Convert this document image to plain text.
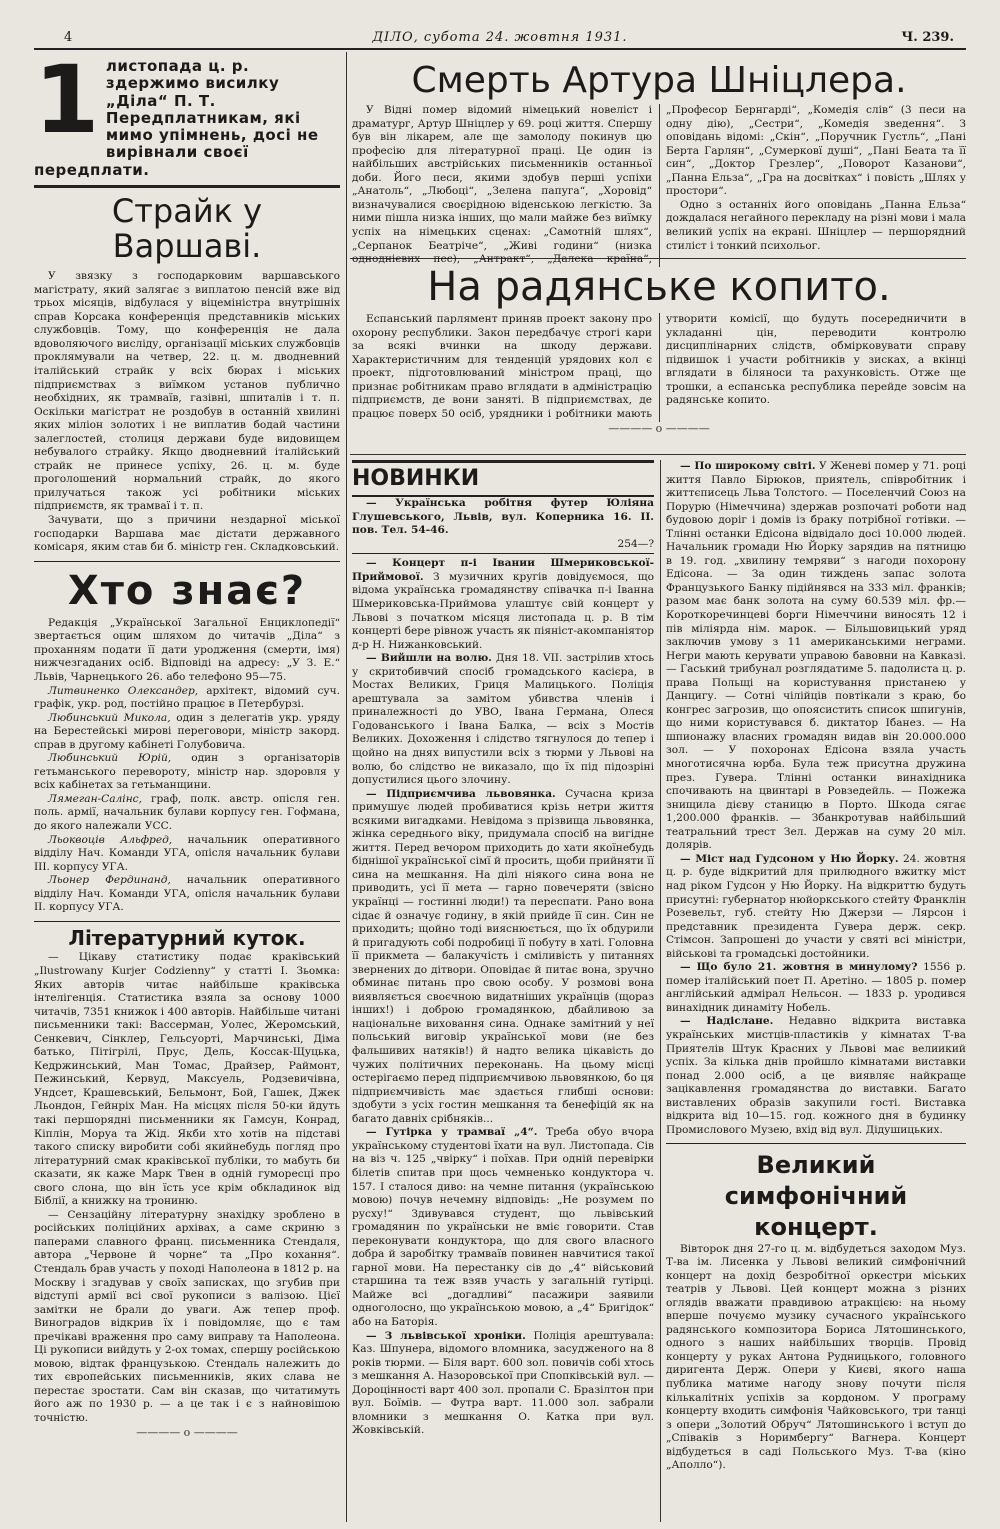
4	ДІЛО, субота 24. жовтня 1931.	Ч. 239.
1 листопада ц. р. здержимо висилку „Діла“ П. Т. Передплатникам, які мимо упімнень, досі не вирівнали своєї передплати.
Страйк у Варшаві.

У звязку з господарковим варшавського магістрату, який залягає з виплатою пенсій вже від трьох місяців, відбулася у віцеміністра внутрішніх справ Корсака конференція представників міських службовців. Тому, що конференція не дала вдоволяючого висліду, організації міських службовців проклямували на четвер, 22. ц. м. дводневний італійський страйк у всіх бюрах і міських підприємствах з виїмком установ публично необхідних, як трамваїв, газівні, шпиталів і т. п. Оскільки магістрат не роздобув в останній хвилині яких міліон золотих і не виплатив бодай частини залеглостей, столиця держави буде видовищем небувалого страйку. Якщо дводневний італійський страйк не принесе успіху, 26. ц. м. буде проголошений нормальний страйк, до якого прилучаться також усі робітники міських підприємств, як трамваї і т. п.

Зачувати, що з причини нездарної міської господарки Варшава має дістати державного комісаря, яким став би б. міністр ген. Складковський.

Хто знає?

Редакція „Української Загальної Енциклопедії“ звертається оцим шляхом до читачів „Діла“ з проханням подати її дати уродження (смерти, імя) нижчезгаданих осіб. Відповіді на адресу: „У З. Е.“ Львів, Чарнецького 26. або телефоно 95—75.

Литвиненко Олександер, архітект, відомий суч. графік, укр. род, постійно працює в Петербурзі.

Любинський Микола, один з делегатів укр. уряду на Берестейські мирові переговори, міністр закорд. справ в другому кабінеті Голубовича.

Любинський Юрій, один з організаторів гетьманського перевороту, міністр нар. здоровля у всіх кабінетах за гетьманщини.

Лямеган-Салінс, граф, полк. австр. опісля ген. поль. армії, начальник булави корпусу ген. Гофмана, до якого належали УСС.

Льоквоців Альфред, начальник оперативного відділу Нач. Команди УГА, опісля начальник булави III. корпусу УГА.

Льонер Фердинанд, начальник оперативного відділу Нач. Команди УГА, опісля начальник булави II. корпусу УГА.

Літературний куток.

— Цікаву статистику подає краківський „Ilustrowany Kurjer Codzienny“ у статті І. Зьомка: Яких авторів читає найбільше краківська інтелігенція. Статистика взяла за основу 1000 читачів, 7351 книжок і 400 авторів. Найбільше читані письменники такі: Вассерман, Уолес, Жеромський, Сенкевич, Сінклер, Гельсуорті, Марчинські, Діма батько, Пітігрілі, Прус, Дель, Коссак-Щуцька, Кедржинський, Ман Томас, Драйзер, Раймонт, Пежинський, Кервуд, Максуель, Родзевичівна, Ундсет, Крашевський, Бельмонт, Бой, Гашек, Джек Льондон, Гейнріх Ман. На місцях після 50-ки йдуть такі першорядні письменники як Гамсун, Конрад, Кіплін, Моруа та Жід. Якби хто хотів на підставі такого списку виробити собі якийнебудь погляд про літературний смак краківської публіки, то мабуть би сказати, як каже Марк Твен в одній гуморесці про свого слона, що він їсть усе крім обкладинок від Біблії, а книжку на трониню.

— Сензаційну літературну знахідку зроблено в російських поліційних архівах, а саме скриню з паперами славного франц. письменника Стендаля, автора „Червоне й чорне“ та „Про кохання“. Стендаль брав участь у поході Наполеона в 1812 р. на Москву і згадував у своїх записках, що згубив при відступі армії всі свої рукописи з валізою. Цієї замітки не брали до уваги. Аж тепер проф. Виноградов відкрив їх і повідомляє, що є там пречікаві враження про саму виправу та Наполеона. Ці рукописи вийдуть у 2-ох томах, спершу російською мовою, відтак французькою. Стендаль належить до тих європейських письменників, яких слава не перестає зростати. Сам він сказав, що читатимуть його аж по 1930 р. — а це так і є з найновішою точністю.

———— o ————
Смерть Артура Шніцлера.

У Відні помер відомий німецький новеліст і драматург, Артур Шніцлер у 69. році життя. Спершу був він лікарем, але ще замолоду покинув цю професію для літературної праці. Це один із найбільших австрійських письменників останньої доби. Його песи, якими здобув перші успіхи „Анатоль“, „Любоці“, „Зелена папуга“, „Хоровід“ визначувалися своєрідною віденською легкістю. За ними пішла низка інших, що мали майже без виїмку успіх на німецьких сценах: „Самотній шлях“, „Серпанок Беатріче“, „Живі години“ (низка одноднієвих пес), „Антракт“, „Далека країна“, „Професор Бернгарді“, „Комедія слів“ (3 песи на одну дію), „Сестри“, „Комедія зведення“. З оповідань відомі: „Скін“, „Поручник Густль“, „Пані Берта Гарлян“, „Сумерковї душі“, „Пані Беата та її син“, „Доктор Грезлер“, „Поворот Казанови“, „Панна Ельза“, „Гра на досвітках“ і повість „Шлях у простори“.

Одно з останніх його оповідань „Панна Ельза“ дождалася негайного перекладу на різні мови і мала великий успіх на екрані. Шніцлер — першорядний стиліст і тонкий психольог.

На радянське копито.

Еспанський парлямент приняв проект закону про охорону республики. Закон передбачує строгі кари за всякі вчинки на шкоду держави. Характеристичним для тенденцій урядових кол є проект, підготовлюваний міністром праці, що признає робітникам право вглядати в адміністрацію підприємств, де вони заняті. В підприємствах, де працює поверх 50 осіб, урядники і робітники мають утворити комісії, що будуть посередничити в укладанні цін, переводити контролю дисциплінарних слідств, обмірковувати справу підвишок і участи робітників у зисках, а вкінці вглядати в біляноси та рахунковість. Отже ще трошки, а еспанська республика перейде зовсім на радянське копито.

———— o ————
НОВИНКИ

— Українська робітня футер Юліяна Глушевського, Львів, вул. Коперника 16. II. пов. Тел. 54-46.

254—?

— Концерт п-і Івании Шмериковської-Приймової. З музичних кругів довідуємося, що відома українська громадянству співачка п-і Іванна Шмериковська-Приймова улаштує свій концерт у Львові з початком місяця листопада ц. р. В тім концерті бере рівнож участь як піяніст-акомпаніятор д-р Н. Нижанковський.

— Вийшли на волю. Дня 18. VII. застрілив хтось у скритобивчий спосіб громадського касієра, в Мостах Великих, Гриця Малицького. Поліція арештувала за замітом убивства членів і приналежності до УВО, Івана Германа, Олеся Годованського і Івана Балка, — всіх з Мостів Великих. Дохоження і слідство тягнулося до тепер і щойно на днях випустили всіх з тюрми у Львові на волю, бо слідство не виказало, що їх під підозріні допустилися цього злочину.

— Підприємчива львовянка. Сучасна криза примушує людей пробиватися крізь нетри життя всякими вигадками. Невідома з прізвища львовянка, жінка середнього віку, придумала спосіб на вигідне життя. Перед вечором приходить до хати якоїнебудь біднішої української сімї й просить, щоби прийняти її сина на мешкання. На ділі ніякого сина вона не приводить, усі її мета — гарно повечеряти (звісно українці — гостинні люди!) та переспати. Рано вона сідає й означує годину, в якій прийде її син. Син не приходить; щойно тоді вияснюється, що їх обдурили й пригадують собі подробиці її побуту в хаті. Головна її прикмета — балакучість і сміливість у питаннях звернених до дітвори. Оповідає й питає вона, зручно обминає питань про свою особу. У розмові вона виявляється своєчною видатніших українців (щораз інших!) і доброю громадянкою, дбайливою за національне виховання сина. Однаке замітний у неї польський виговір української мови (не без фальшивих натяків!) й надто велика цікавість до чужих політичних переконань. На цьому місці остерігаємо перед підприємчивою львовянкою, бо ця підприємчивість має здається глибші основи: здобути з усіх гостин мешкання та бенефіцій як на багато давніх срібняків...

— Гутірка у трамваї „4“. Треба обуо вчора українському студентові їхати на вул. Листопада. Сів на віз ч. 125 „чвірку“ і поїхав. При одній перевірки білетів спитав при щось чемненько кондуктора ч. 157. І сталося диво: на чемне питання (українською мовою) почув нечемну відповідь: „Не розумем по русху!“ Здивувався студент, що львівський громадянин по українськи не вміє говорити. Став переконувати кондуктора, що для свого власного добра й заробітку трамваїв повинен навчитися такої гарної мови. На перестанку сів до „4“ військовий старшина та теж взяв участь у загальній гутірці. Майже всі „догадливі“ пасажири заявили одноголосно, що українською мовою, а „4“ Бригідок“ або на Баторія.

— З львівської хроніки. Поліція арештувала: Каз. Шпунера, відомого вломника, засудженого на 8 років тюрми. — Біля варт. 600 зол. повичів собі хтось з мешкання А. Назоровської при Спопківській вул. — Дороцінності варт 400 зол. пропали С. Бразілтон при вул. Боїмів. — Футра варт. 11.000 зол. забрали вломники з мешкання О. Катка при вул. Жовківській.

— По широкому світі. У Женеві помер у 71. році життя Павло Бірюков, приятель, співробітник і життєписець Льва Толстого. — Поселенчий Союз на Порурю (Німеччина) здержав розпочаті роботи над будовою доріг і домів із браку потрібної готівки. — Тлінні останки Едісона відвідало досі 10.000 людей. Начальник громади Ню Йорку зарядив на пятницю в 19. год. „хвилину темряви“ з нагоди похорону Едісона. — За один тиждень запас золота Французького Банку підійнявся на 333 міл. франків; разом має банк золота на суму 60.539 міл. фр.— Короткоречинцеві борги Німеччини виносять 12 і пів міліярда нім. марок. — Більшовицький уряд заключив умову з 11 американськими неграми. Негри мають керувати управою бавовни на Кавказі. — Гаський трибунал розглядатиме 5. падолиста ц. р. права Польщі на користування пристанею у Данцигу. — Сотні чілійців повтікали з краю, бо конгрес загрозив, що опоясистить список шпигунів, що ними користувався б. диктатор Ібанез. — На шпионажу власних громадян видав він 20.000.000 зол. — У похоронах Едісона взяла участь многотисячна юрба. Була теж присутна дружина през. Гувера. Тлінні останки винахідника спочивають на цвинтарі в Ровзедейль. — Пожежа знищила дієву станицю в Порто. Шкода сягає 1,200.000 франків. — Збанкротував найбільший театральний трест Зел. Держав на суму 20 міл. долярів.

— Міст над Гудсоном у Ню Йорку. 24. жовтня ц. р. буде відкритий для прилюдного вжитку міст над ріком Гудсон у Ню Йорку. На відкриттю будуть присутні: губернатор нюйоркського стейту Франклін Розевельт, губ. стейту Ню Джерзи — Лярсон і представник президента Гувера держ. секр. Стімсон. Запрошені до участи у святі всі міністри, військові та громадські достойники.

— Що було 21. жовтня в минулому? 1556 р. помер італійський поет П. Аретіно. — 1805 р. помер англійський адмірал Нельсон. — 1833 р. уродився винахідник динаміту Нобель.

— Надіслане. Недавно відкрита виставка українських мистців-пластиків у кімнатах Т-ва Приятелів Штук Красних у Львові має велиикий успіх. За кілька днів пройшло кімнатами виставки понад 2.000 осіб, а це виявляє найкраще зацікавлення громадянства до виставки. Багато виставлених образів закупили гості. Виставка відкрита від 10—15. год. кожного дня в будинку Промислового Музею, вхід від вул. Дідушицьких.

Великий симфонічний концерт.

Вівторок дня 27-го ц. м. відбудеться заходом Муз. Т-ва ім. Лисенка у Львові великий симфонічний концерт на дохід безробітної оркестри міських театрів у Львові. Цей концерт можна з різних оглядів вважати правдивою атракцією: на ньому вперше почуємо музику сучасного українського радянського композитора Бориса Лятошинського, одного з наших найбільших творців. Провід концерту у руках Антона Рудницького, головного диригента Держ. Опери у Києві, якого наша публика матиме нагоду знову почути після кількалітніх успіхів за кордоном. У програму концерту входить симфонія Чайковського, три танці з опери „Золотий Обруч“ Лятошинського і вступ до „Співаків з Норимбергу“ Вагнера. Концерт відбудеться в саді Польського Муз. Т-ва (кіно „Аполло“).
